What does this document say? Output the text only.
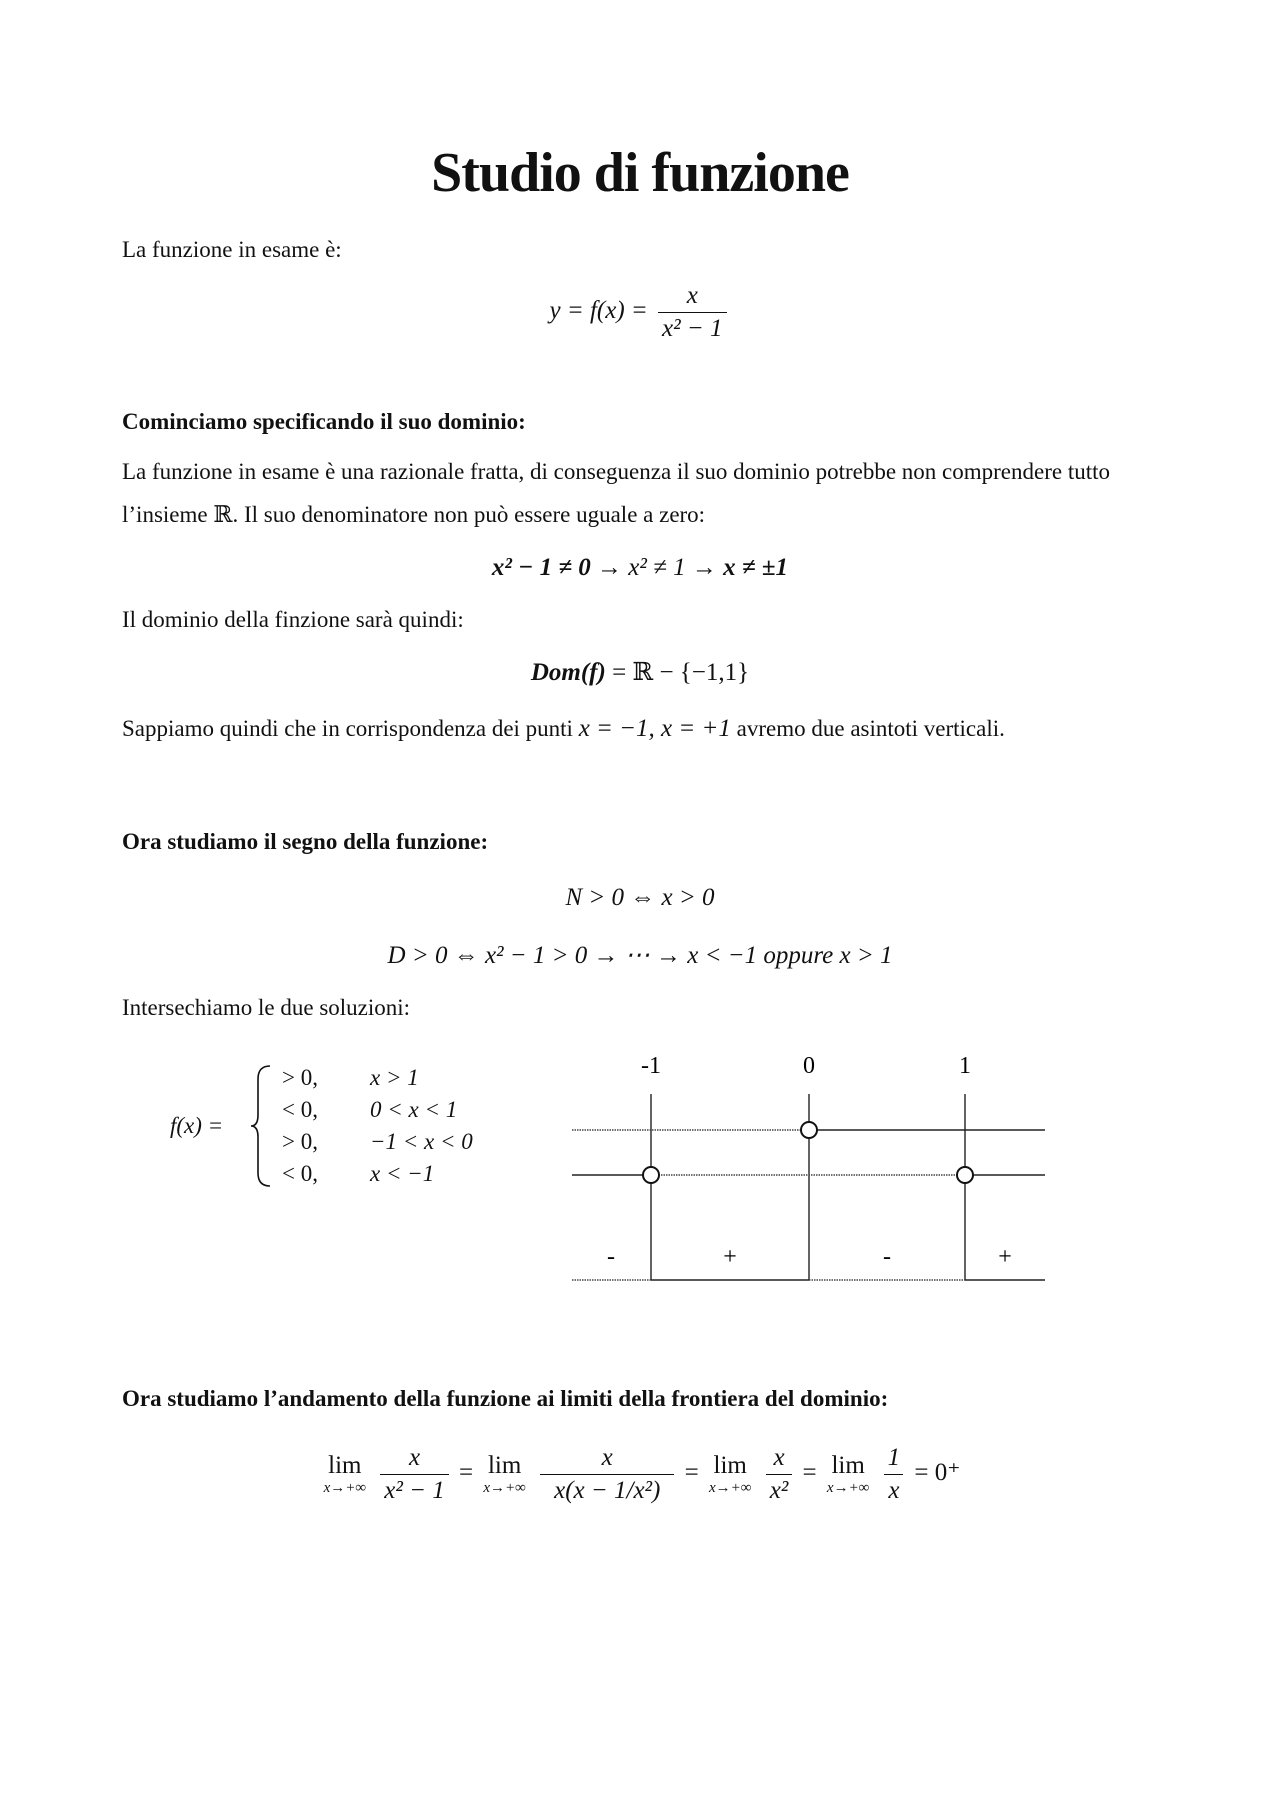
Studio di funzione
La funzione in esame è:
$y = f(x) = \frac{x}{\text{x² − 1}}$
Cominciamo specificando il suo dominio:
La funzione in esame è una razionale fratta, di conseguenza il suo dominio potrebbe non comprendere tutto l’insieme ℝ. Il suo denominatore non può essere uguale a zero:
x² − 1 ≠ 0 → x² ≠ 1 → x ≠ ±1
Il dominio della finzione sarà quindi:
Dom(f) = ℝ − {−1,1}
Sappiamo quindi che in corrispondenza dei punti x = −1, x = +1 avremo due asintoti verticali.
Ora studiamo il segno della funzione:
N > 0 ⇔ x > 0
D > 0 ⇔ x² − 1 > 0 → ⋯ → x < −1 oppure x > 1
Intersechiamo le due soluzioni:
f(x) =
> 0, x > 1
< 0, 0 < x < 1
> 0, −1 < x < 0
< 0, x < −1
-1	0	1
-	+	-	+
Ora studiamo l’andamento della funzione ai limiti della frontiera del dominio:
lim
x→+∞
$\frac{x}{\text{x² − 1}} = \lim$
x→+∞
$\frac{x}{\text{x(x − 1/x²)}} = \lim$
x→+∞
$\frac{x}{\text{x²}} = \lim$
x→+∞
$\frac{1}{x} = 0^+$
